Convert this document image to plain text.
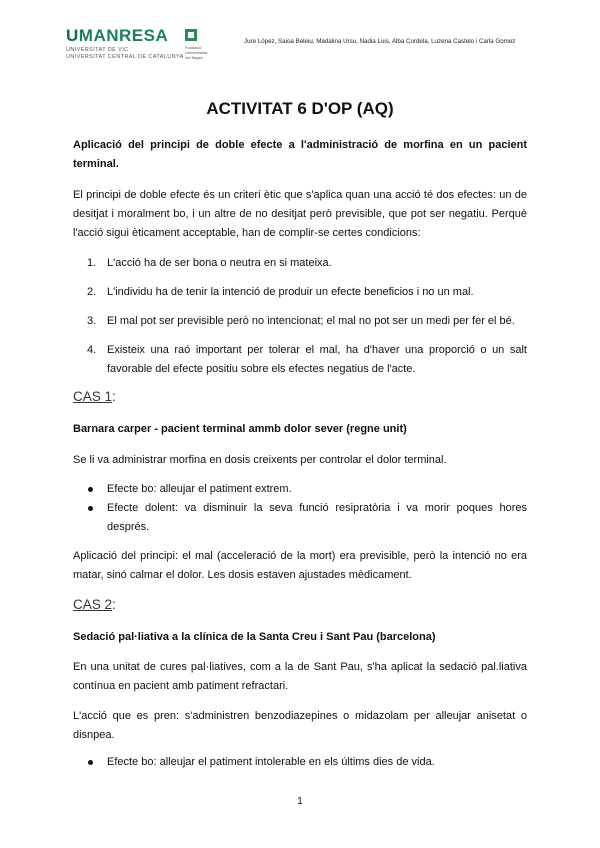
UMANRESA
UNIVERSITAT DE VIC
UNIVERSITAT CENTRAL DE CATALUNYA
Fundació
Universitària
del Bages
Jure López, Saioa Beleiu, Madalina Ursu, Nadia Luis, Alba Cordela, Luzena Castelo i Carla Gomez
ACTIVITAT 6 D'OP (AQ)
Aplicació del principi de doble efecte a l'administració de morfina en un pacient terminal.
El principi de doble efecte és un criteri ètic que s'aplica quan una acció té dos efectes: un de desitjat i moralment bo, i un altre de no desitjat però previsible, que pot ser negatiu. Perquè l'acció sigui èticament acceptable, han de complir-se certes condicions:
1. L'acció ha de ser bona o neutra en si mateixa.
2. L'individu ha de tenir la intenció de produir un efecte beneficios i no un mal.
3. El mal pot ser previsible però no intencionat; el mal no pot ser un medi per fer el bé.
4. Existeix una raó important per tolerar el mal, ha d'haver una proporció o un salt favorable del efecte positiu sobre els efectes negatius de l'acte.
CAS 1:
Barnara carper - pacient terminal ammb dolor sever (regne unit)
Se li va administrar morfina en dosis creixents per controlar el dolor terminal.
Efecte bo: alleujar el patiment extrem.
Efecte dolent: va disminuir la seva funció resipratòria i va morir poques hores després.
Aplicació del principi: el mal (acceleració de la mort) era previsible, però la intenció no era matar, sinó calmar el dolor. Les dosis estaven ajustades mèdicament.
CAS 2:
Sedació pal·liativa a la clínica de la Santa Creu i Sant Pau (barcelona)
En una unitat de cures pal·liatives, com a la de Sant Pau, s'ha aplicat la sedació pal.liativa contínua en pacient amb patiment refractari.
L'acció que es pren: s'administren benzodiazepines o midazolam per alleujar anisetat o disnpea.
Efecte bo: alleujar el patiment intolerable en els últims dies de vida.
1
